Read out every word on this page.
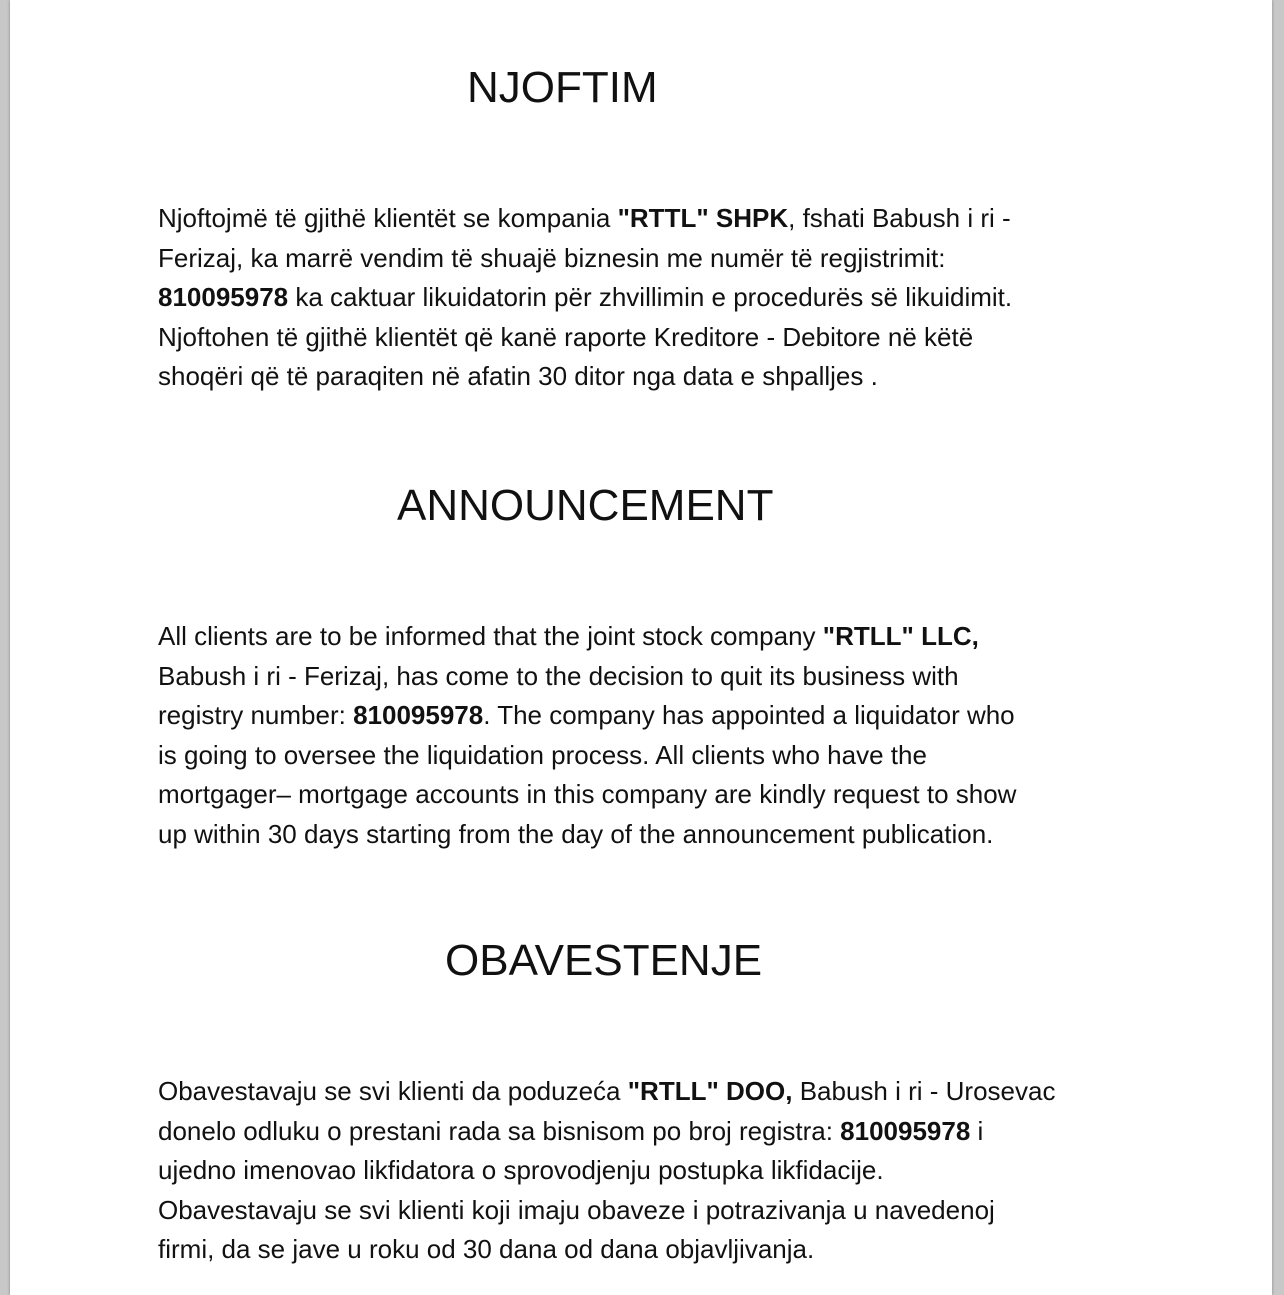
NJOFTIM

Njoftojmë të gjithë klientët se kompania "RTTL" SHPK, fshati Babush i ri -
Ferizaj, ka marrë vendim të shuajë biznesin me numër të regjistrimit:
810095978 ka caktuar likuidatorin për zhvillimin e procedurës së likuidimit.
Njoftohen të gjithë klientët që kanë raporte Kreditore - Debitore në këtë
shoqëri që të paraqiten në afatin 30 ditor nga data e shpalljes .

ANNOUNCEMENT

All clients are to be informed that the joint stock company "RTLL" LLC,
Babush i ri - Ferizaj, has come to the decision to quit its business with
registry number: 810095978. The company has appointed a liquidator who
is going to oversee the liquidation process. All clients who have the
mortgager– mortgage accounts in this company are kindly request to show
up within 30 days starting from the day of the announcement publication.

OBAVESTENJE

Obavestavaju se svi klienti da poduzeća "RTLL" DOO, Babush i ri - Urosevac
donelo odluku o prestani rada sa bisnisom po broj registra: 810095978 i
ujedno imenovao likfidatora o sprovodjenju postupka likfidacije.
Obavestavaju se svi klienti koji imaju obaveze i potrazivanja u navedenoj
firmi, da se jave u roku od 30 dana od dana objavljivanja.
